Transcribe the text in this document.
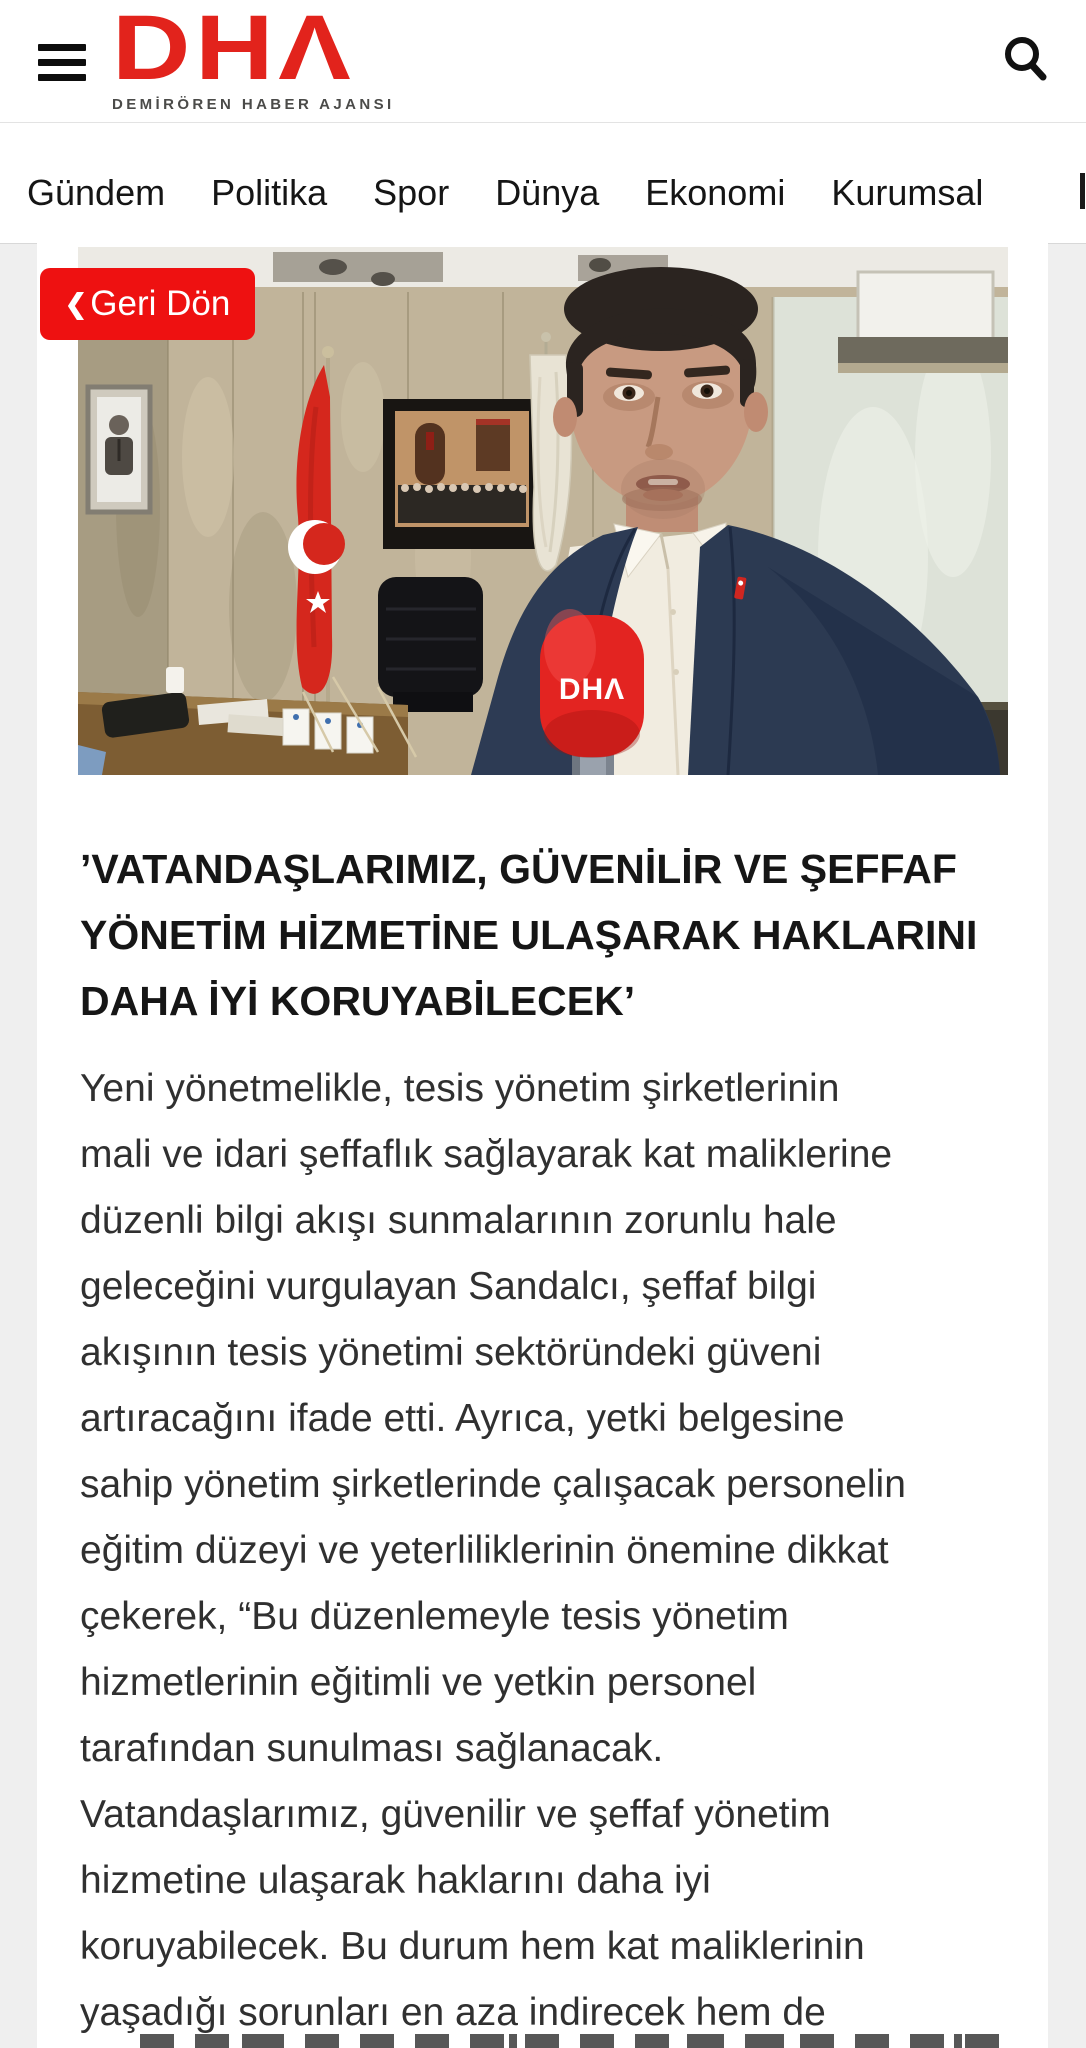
DHΛ
DEMİRÖREN HABER AJANSI
Gündem Politika Spor Dünya Ekonomi Kurumsal
DHΛ
❮ Geri Dön
’VATANDAŞLARIMIZ, GÜVENİLİR VE ŞEFFAF
YÖNETİM HİZMETİNE ULAŞARAK HAKLARINI
DAHA İYİ KORUYABİLECEK’
Yeni yönetmelikle, tesis yönetim şirketlerinin
mali ve idari şeffaflık sağlayarak kat maliklerine
düzenli bilgi akışı sunmalarının zorunlu hale
geleceğini vurgulayan Sandalcı, şeffaf bilgi
akışının tesis yönetimi sektöründeki güveni
artıracağını ifade etti. Ayrıca, yetki belgesine
sahip yönetim şirketlerinde çalışacak personelin
eğitim düzeyi ve yeterliliklerinin önemine dikkat
çekerek, “Bu düzenlemeyle tesis yönetim
hizmetlerinin eğitimli ve yetkin personel
tarafından sunulması sağlanacak.
Vatandaşlarımız, güvenilir ve şeffaf yönetim
hizmetine ulaşarak haklarını daha iyi
koruyabilecek. Bu durum hem kat maliklerinin
yaşadığı sorunları en aza indirecek hem de
